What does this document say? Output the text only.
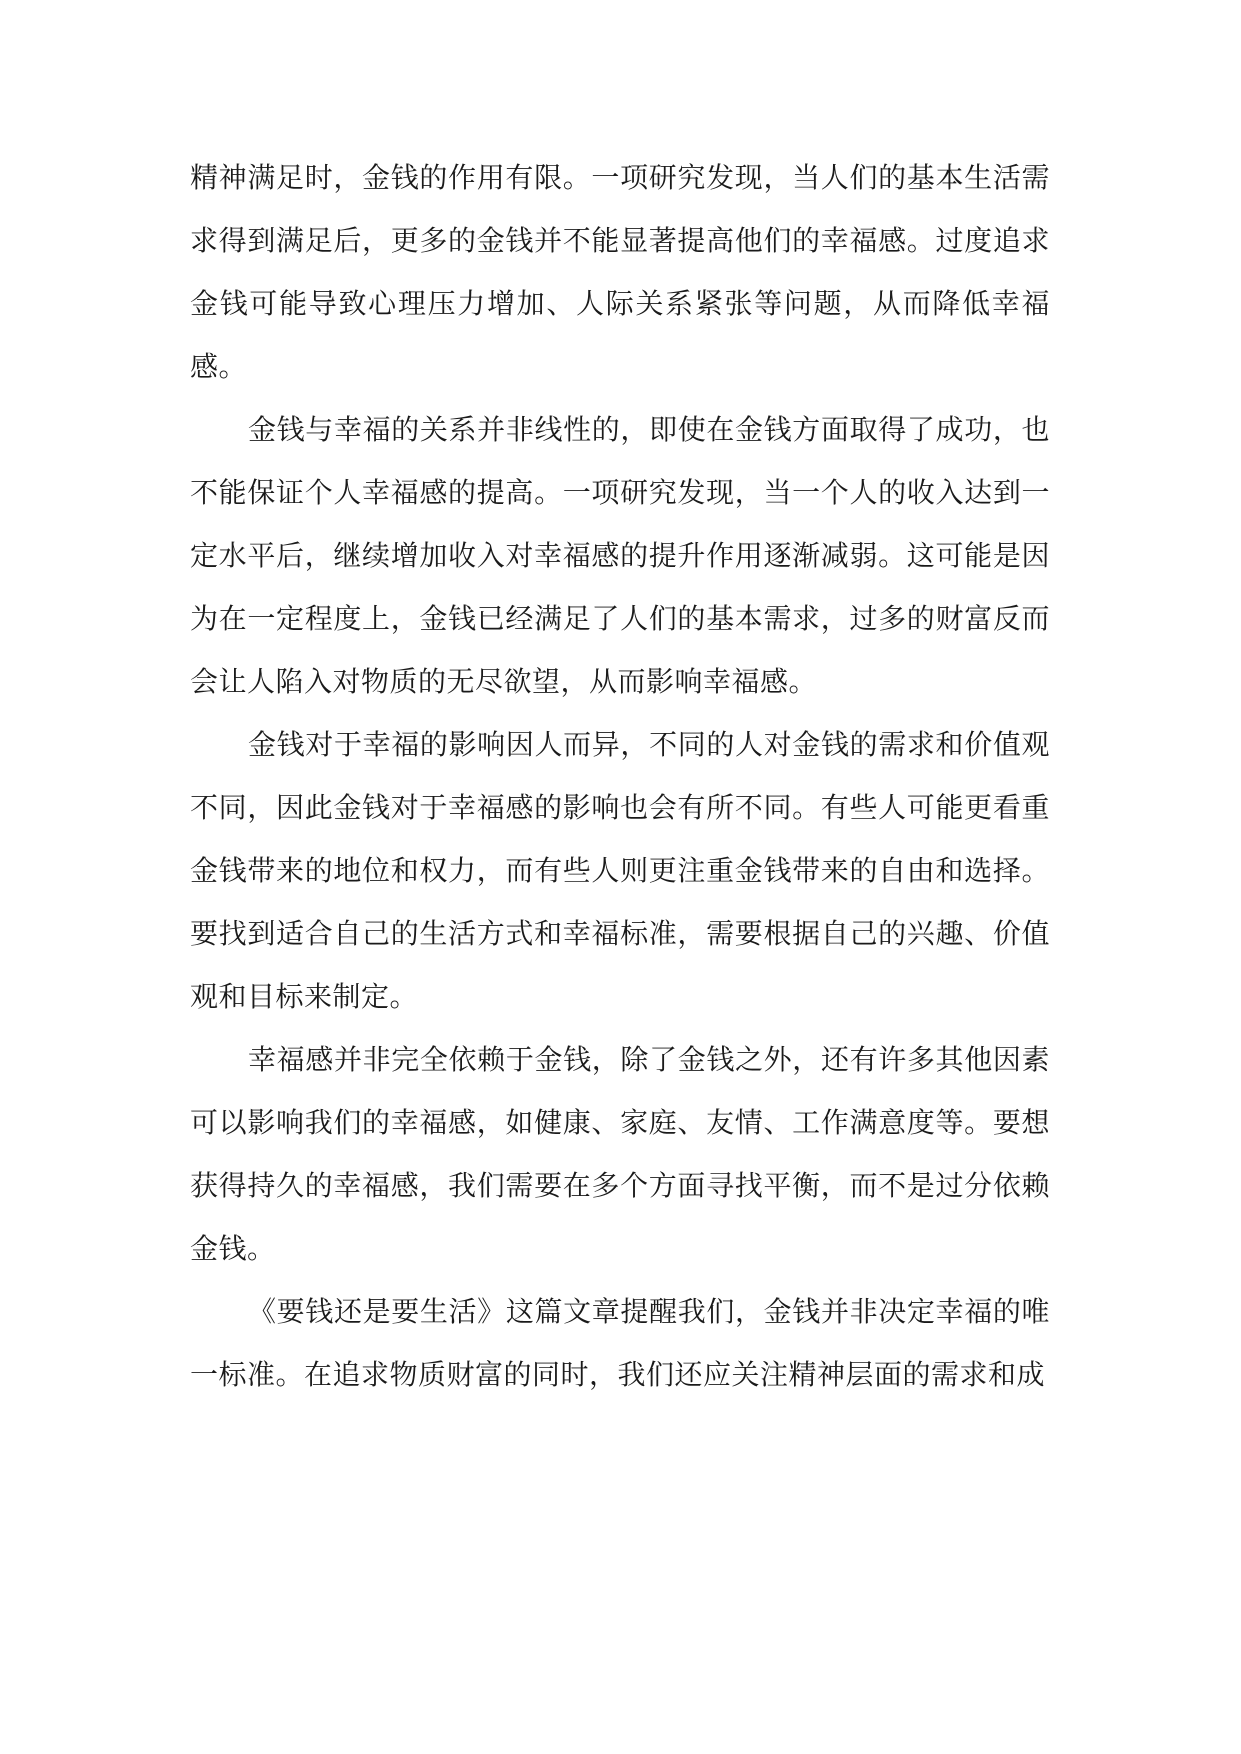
精神满足时，金钱的作用有限。一项研究发现，当人们的基本生活需求得到满足后，更多的金钱并不能显著提高他们的幸福感。过度追求金钱可能导致心理压力增加、人际关系紧张等问题，从而降低幸福感。

金钱与幸福的关系并非线性的，即使在金钱方面取得了成功，也不能保证个人幸福感的提高。一项研究发现，当一个人的收入达到一定水平后，继续增加收入对幸福感的提升作用逐渐减弱。这可能是因为在一定程度上，金钱已经满足了人们的基本需求，过多的财富反而会让人陷入对物质的无尽欲望，从而影响幸福感。

金钱对于幸福的影响因人而异，不同的人对金钱的需求和价值观不同，因此金钱对于幸福感的影响也会有所不同。有些人可能更看重金钱带来的地位和权力，而有些人则更注重金钱带来的自由和选择。要找到适合自己的生活方式和幸福标准，需要根据自己的兴趣、价值观和目标来制定。

幸福感并非完全依赖于金钱，除了金钱之外，还有许多其他因素可以影响我们的幸福感，如健康、家庭、友情、工作满意度等。要想获得持久的幸福感，我们需要在多个方面寻找平衡，而不是过分依赖金钱。

《要钱还是要生活》这篇文章提醒我们，金钱并非决定幸福的唯一标准。在追求物质财富的同时，我们还应关注精神层面的需求和成
